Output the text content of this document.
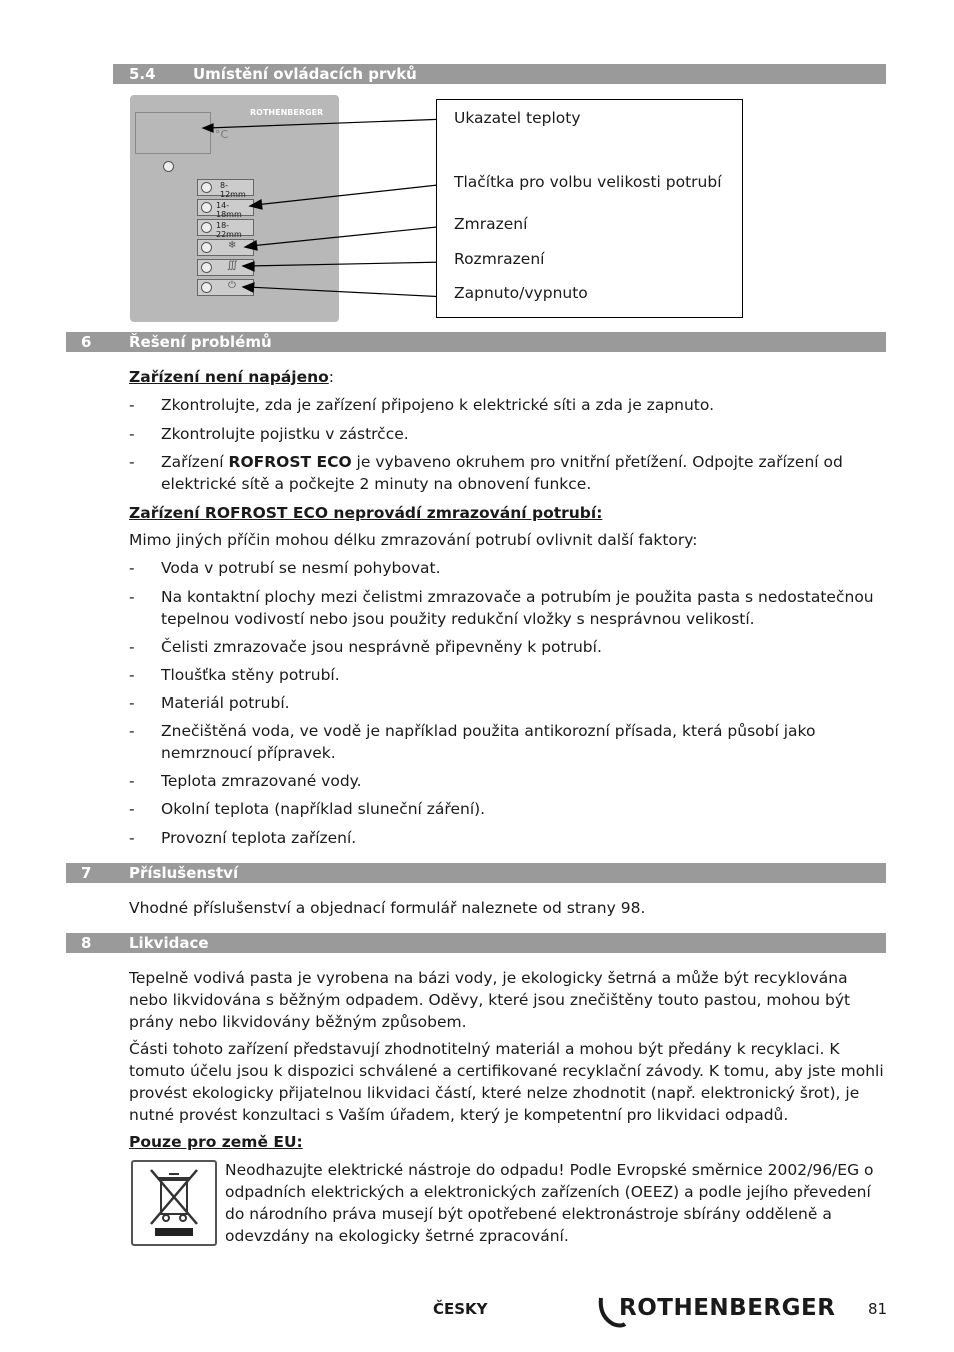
5.4 Umístění ovládacích prvků
°C
ROTHENBERGER
8-12mm
14-18mm
18-22mm
❄
∭
⏻
Ukazatel teploty
Tlačítka pro volbu velikosti potrubí
Zmrazení
Rozmrazení
Zapnuto/vypnuto
6	Řešení problémů
Zařízení není napájeno:
- Zkontrolujte, zda je zařízení připojeno k elektrické síti a zda je zapnuto.
- Zkontrolujte pojistku v zástrčce.
- Zařízení ROFROST ECO je vybaveno okruhem pro vnitřní přetížení. Odpojte zařízení od elektrické sítě a počkejte 2 minuty na obnovení funkce.
Zařízení ROFROST ECO neprovádí zmrazování potrubí:
Mimo jiných příčin mohou délku zmrazování potrubí ovlivnit další faktory:
- Voda v potrubí se nesmí pohybovat.
- Na kontaktní plochy mezi čelistmi zmrazovače a potrubím je použita pasta s nedostatečnou tepelnou vodivostí nebo jsou použity redukční vložky s nesprávnou velikostí.
- Čelisti zmrazovače jsou nesprávně připevněny k potrubí.
- Tloušťka stěny potrubí.
- Materiál potrubí.
- Znečištěná voda, ve vodě je například použita antikorozní přísada, která působí jako nemrznoucí přípravek.
- Teplota zmrazované vody.
- Okolní teplota (například sluneční záření).
- Provozní teplota zařízení.
7	Příslušenství
Vhodné příslušenství a objednací formulář naleznete od strany 98.
8	Likvidace
Tepelně vodivá pasta je vyrobena na bázi vody, je ekologicky šetrná a může být recyklována nebo likvidována s běžným odpadem. Oděvy, které jsou znečištěny touto pastou, mohou být prány nebo likvidovány běžným způsobem.
Části tohoto zařízení představují zhodnotitelný materiál a mohou být předány k recyklaci. K tomuto účelu jsou k dispozici schválené a certifikované recyklační závody. K tomu, aby jste mohli provést ekologicky přijatelnou likvidaci částí, které nelze zhodnotit (např. elektronický šrot), je nutné provést konzultaci s Vaším úřadem, který je kompetentní pro likvidaci odpadů.
Pouze pro země EU:
Neodhazujte elektrické nástroje do odpadu! Podle Evropské směrnice 2002/96/EG o odpadních elektrických a elektronických zařízeních (OEEZ) a podle jejího převedení do národního práva musejí být opotřebené elektronástroje sbírány odděleně a odevzdány na ekologicky šetrné zpracování.
ČESKY	ROTHENBERGER 81
